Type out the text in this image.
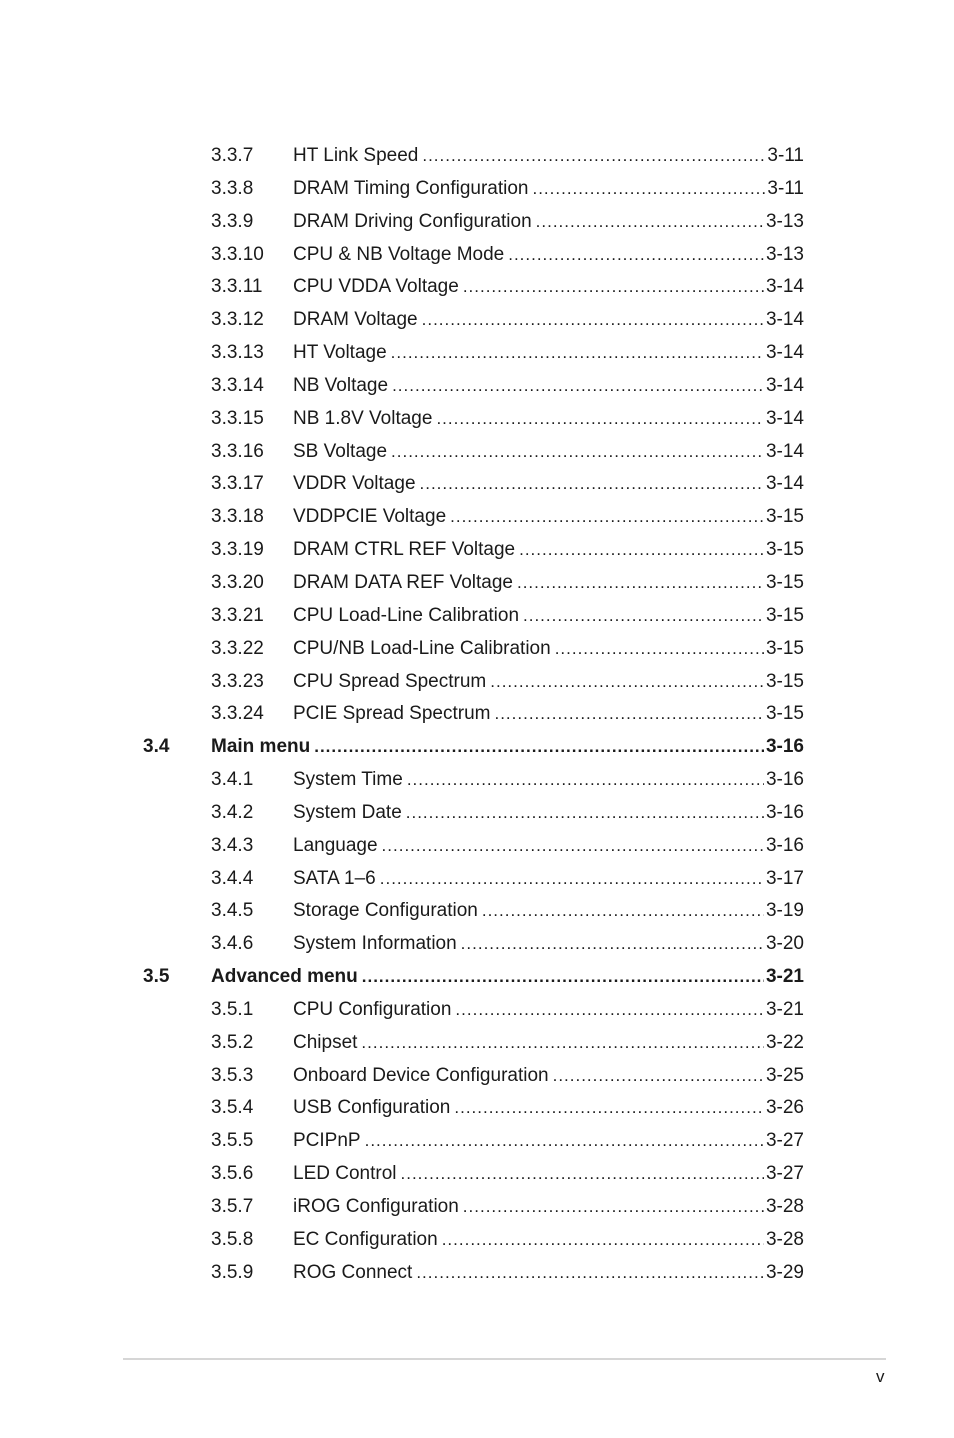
3.3.7 HT Link Speed .....	3-11
3.3.8 DRAM Timing Configuration .....	3-11
3.3.9 DRAM Driving Configuration .....	3-13
3.3.10 CPU & NB Voltage Mode .....	3-13
3.3.11 CPU VDDA Voltage .....	3-14
3.3.12 DRAM Voltage .....	3-14
3.3.13 HT Voltage .....	3-14
3.3.14 NB Voltage .....	3-14
3.3.15 NB 1.8V Voltage .....	3-14
3.3.16 SB Voltage .....	3-14
3.3.17 VDDR Voltage .....	3-14
3.3.18 VDDPCIE Voltage .....	3-15
3.3.19 DRAM CTRL REF Voltage .....	3-15
3.3.20 DRAM DATA REF Voltage .....	3-15
3.3.21 CPU Load-Line Calibration .....	3-15
3.3.22 CPU/NB Load-Line Calibration .....	3-15
3.3.23 CPU Spread Spectrum .....	3-15
3.3.24 PCIE Spread Spectrum .....	3-15
3.4 Main menu .....	3-16
3.4.1 System Time .....	3-16
3.4.2 System Date .....	3-16
3.4.3 Language .....	3-16
3.4.4 SATA 1–6 .....	3-17
3.4.5 Storage Configuration .....	3-19
3.4.6 System Information .....	3-20
3.5 Advanced menu .....	3-21
3.5.1 CPU Configuration .....	3-21
3.5.2 Chipset .....	3-22
3.5.3 Onboard Device Configuration .....	3-25
3.5.4 USB Configuration .....	3-26
3.5.5 PCIPnP .....	3-27
3.5.6 LED Control .....	3-27
3.5.7 iROG Configuration .....	3-28
3.5.8 EC Configuration .....	3-28
3.5.9 ROG Connect .....	3-29
v
